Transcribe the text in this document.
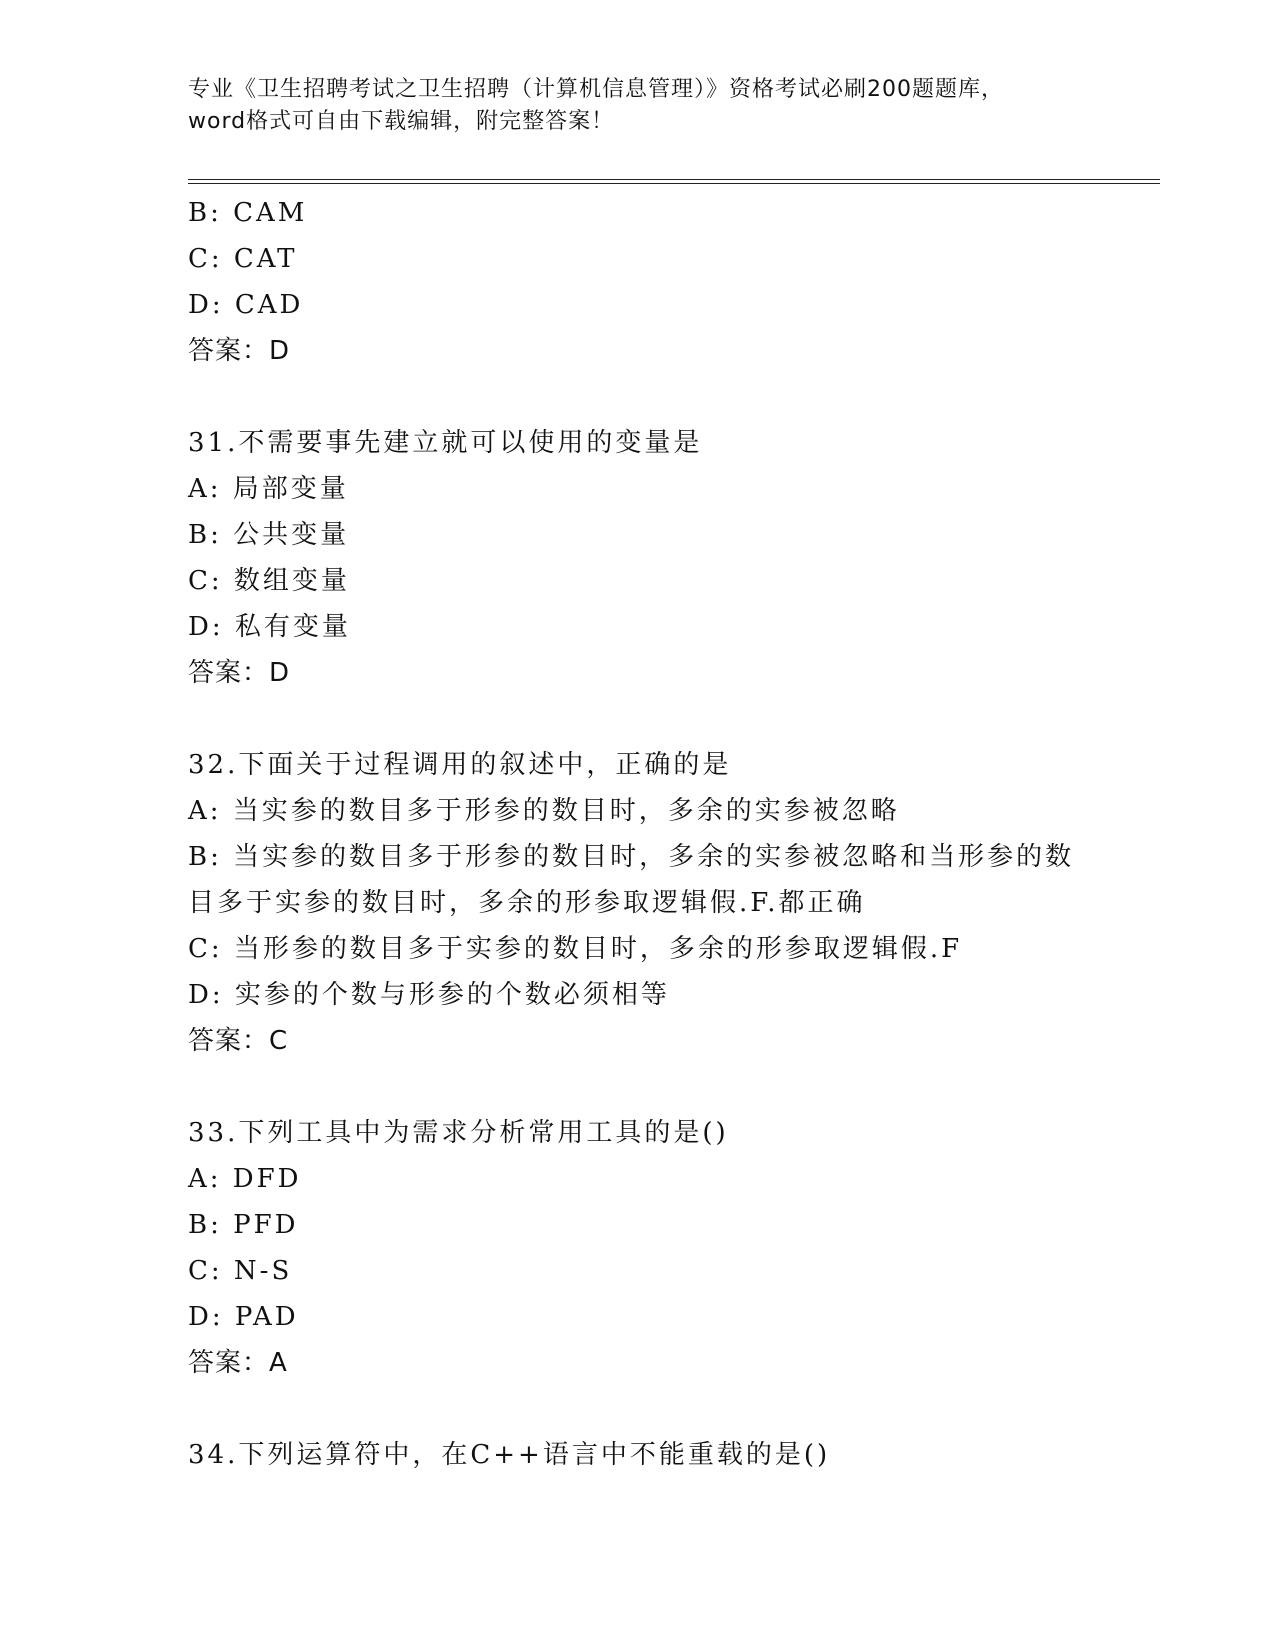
专业《卫生招聘考试之卫生招聘（计算机信息管理）》资格考试必刷200题题库，
word格式可自由下载编辑，附完整答案！
B: CAM
C: CAT
D: CAD
答案：D
31.不需要事先建立就可以使用的变量是
A: 局部变量
B: 公共变量
C: 数组变量
D: 私有变量
答案：D
32.下面关于过程调用的叙述中，正确的是
A: 当实参的数目多于形参的数目时，多余的实参被忽略
B: 当实参的数目多于形参的数目时，多余的实参被忽略和当形参的数
目多于实参的数目时，多余的形参取逻辑假.F.都正确
C: 当形参的数目多于实参的数目时，多余的形参取逻辑假.F
D: 实参的个数与形参的个数必须相等
答案：C
33.下列工具中为需求分析常用工具的是()
A: DFD
B: PFD
C: N-S
D: PAD
答案：A
34.下列运算符中，在C++语言中不能重载的是()
